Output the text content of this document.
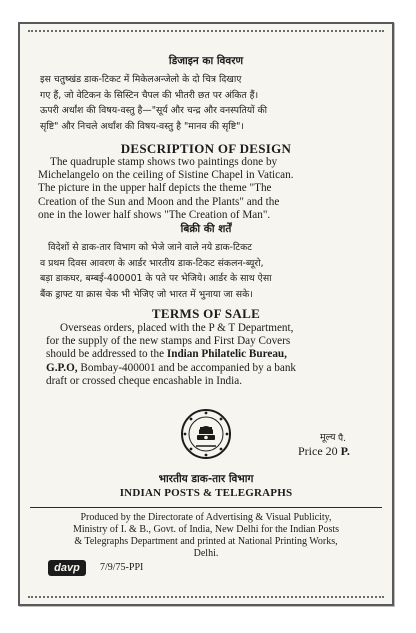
डिजाइन का विवरण
इस चतुष्खंड डाक-टिकट में मिकेलअन्जेलो के दो चित्र दिखाए
गए हैं, जो वेटिकन के सिस्टिन चैपल की भीतरी छत पर अंकित हैं।
ऊपरी अर्धांश की विषय-वस्तु है—"सूर्य और चन्द्र और वनस्पतियों की
सृष्टि" और निचले अर्धांश की विषय-वस्तु है "मानव की सृष्टि"।
DESCRIPTION OF DESIGN
The quadruple stamp shows two paintings done by
Michelangelo on the ceiling of Sistine Chapel in Vatican.
The picture in the upper half depicts the theme "The
Creation of the Sun and Moon and the Plants" and the
one in the lower half shows "The Creation of Man".
बिक्री की शर्तें
विदेशों से डाक-तार विभाग को भेजे जाने वाले नये डाक-टिकट
व प्रथम दिवस आवरण के आर्डर भारतीय डाक-टिकट संकलन-ब्यूरो,
बड़ा डाकघर, बम्बई-400001 के पते पर भेजिये। आर्डर के साथ ऐसा
बैंक ड्राफ्ट या क्रास चेक भी भेजिए जो भारत में भुनाया जा सके।
TERMS OF SALE
Overseas orders, placed with the P & T Department,
for the supply of the new stamps and First Day Covers
should be addressed to the Indian Philatelic Bureau,
G.P.O, Bombay-400001 and be accompanied by a bank
draft or crossed cheque encashable in India.
मूल्य पै.
Price 20 P.
भारतीय डाक-तार विभाग
INDIAN POSTS & TELEGRAPHS
Produced by the Directorate of Advertising & Visual Publicity,
Ministry of I. & B., Govt. of India, New Delhi for the Indian Posts
& Telegraphs Department and printed at National Printing Works,
Delhi.
davp	7/9/75-PPI
